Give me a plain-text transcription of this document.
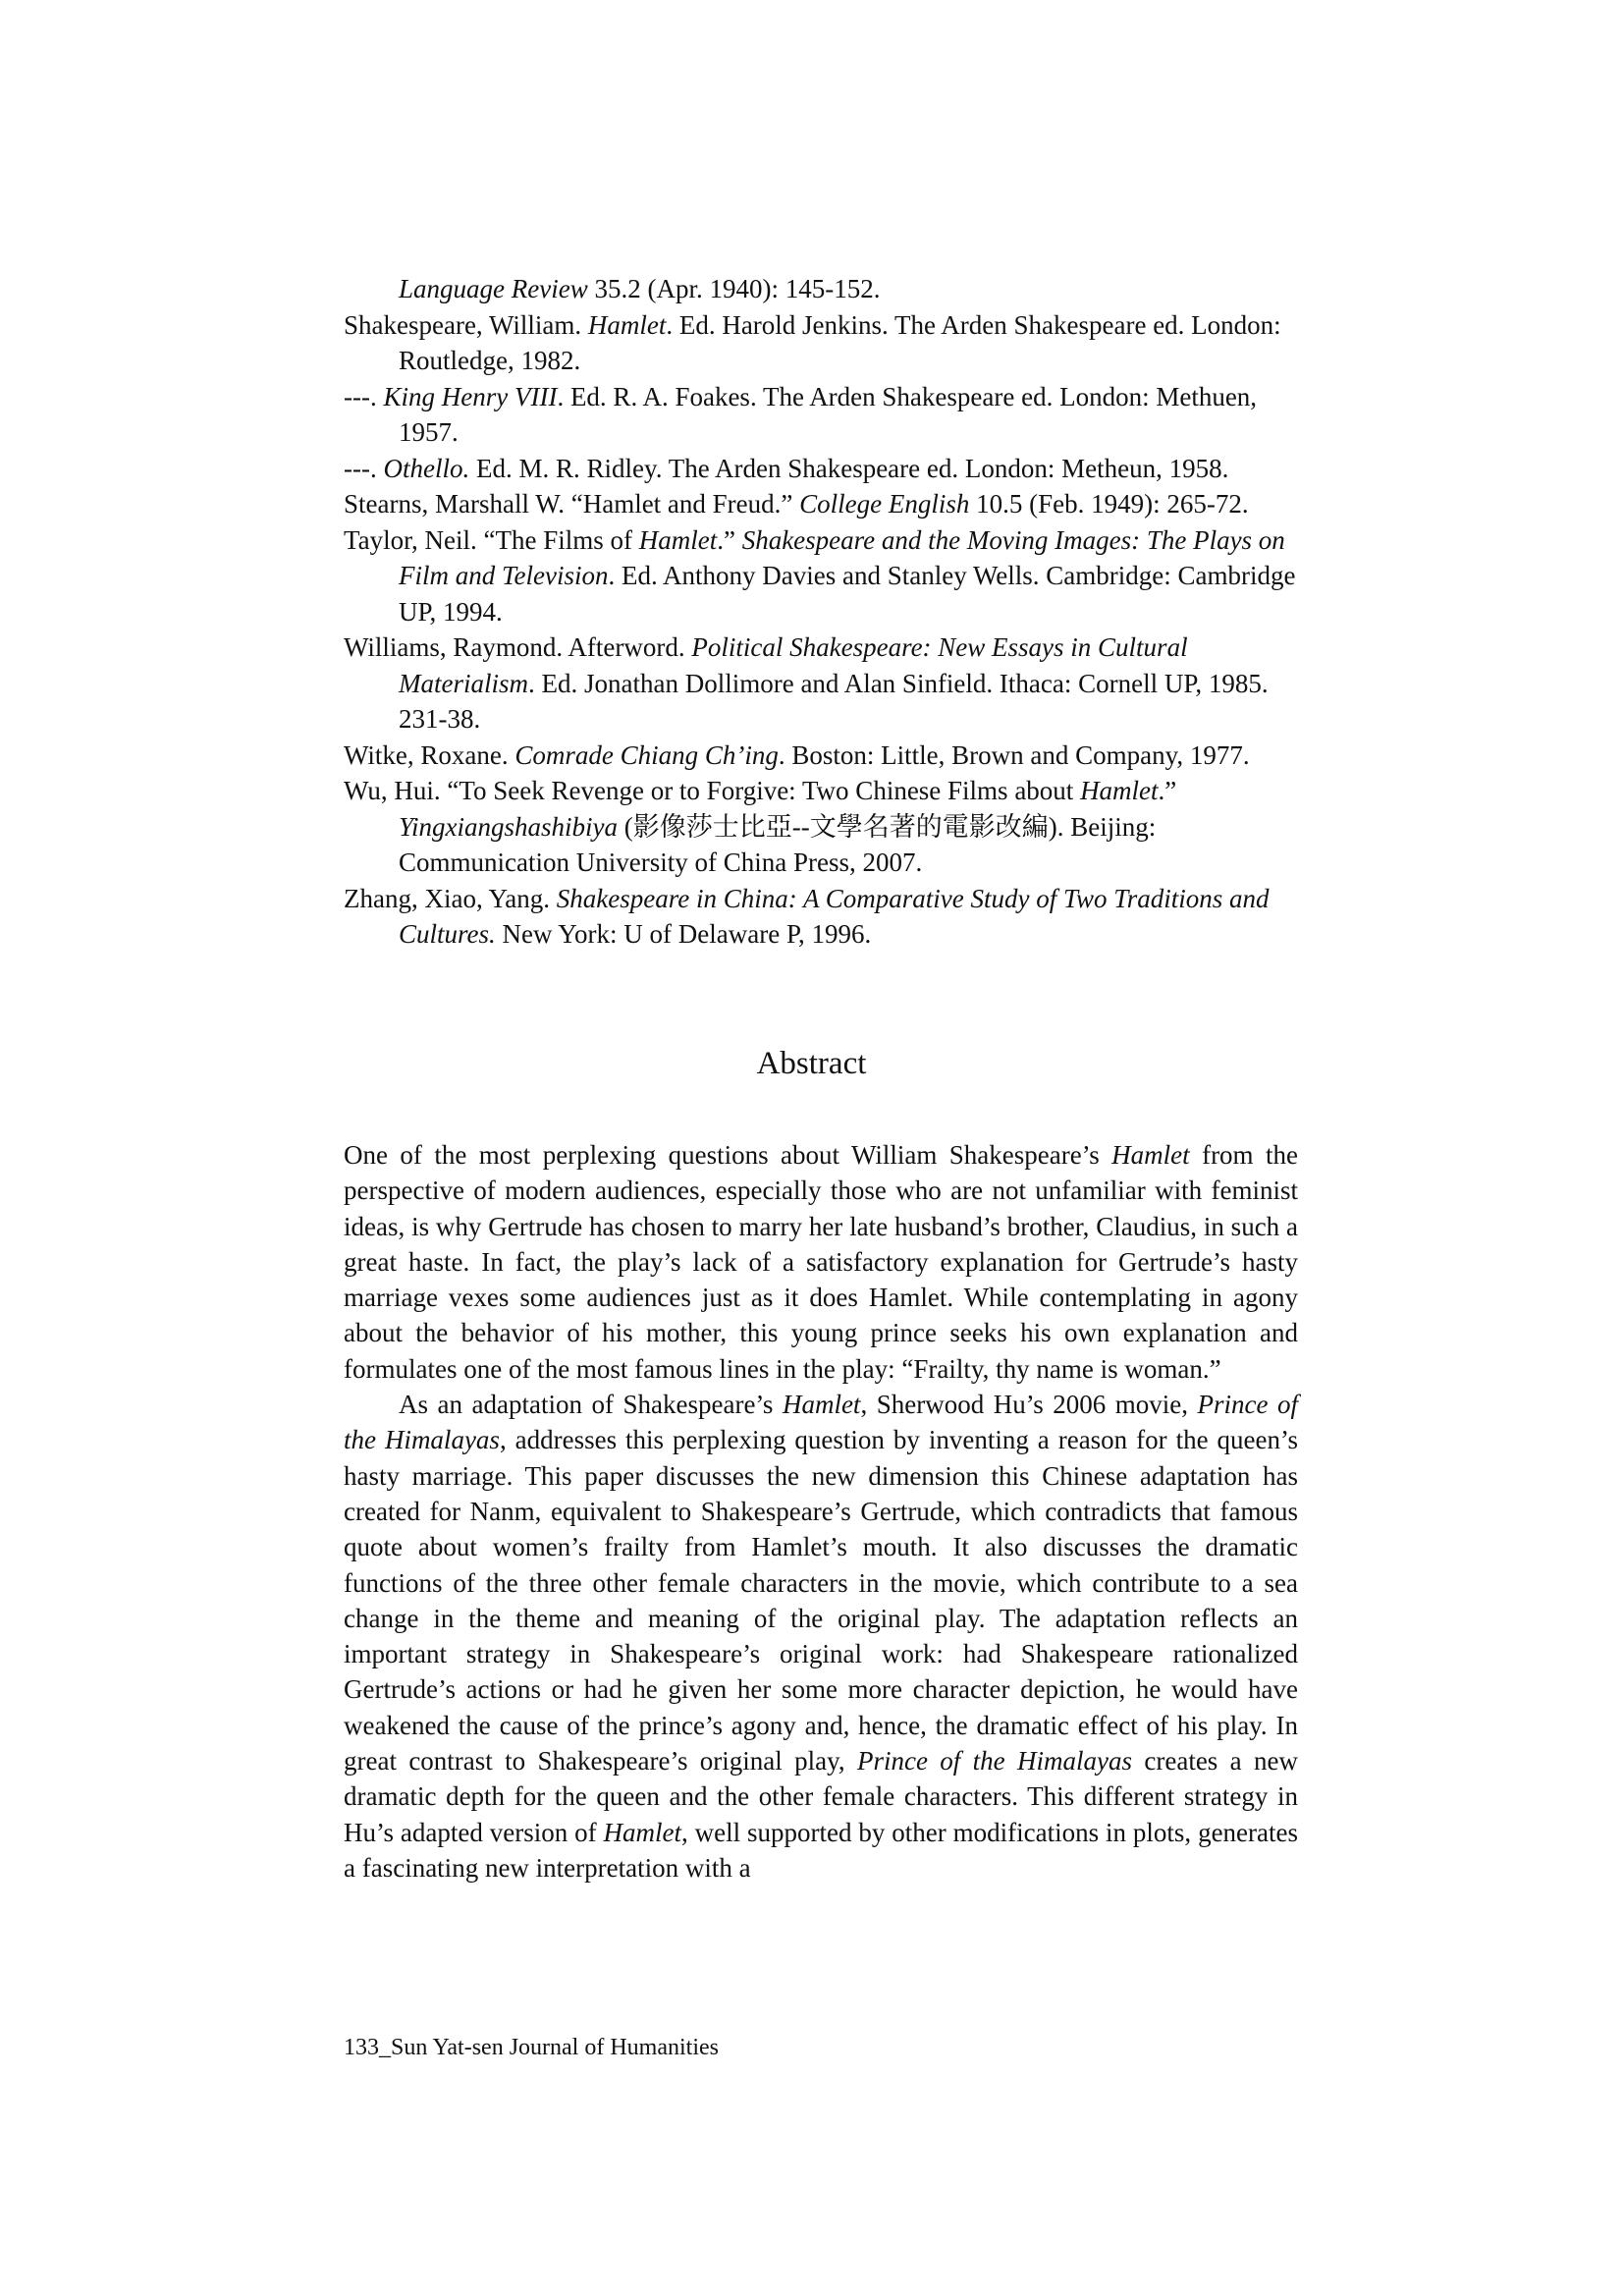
Language Review 35.2 (Apr. 1940): 145-152.
Shakespeare, William. Hamlet. Ed. Harold Jenkins. The Arden Shakespeare ed. London: Routledge, 1982.
---. King Henry VIII. Ed. R. A. Foakes. The Arden Shakespeare ed. London: Methuen, 1957.
---. Othello. Ed. M. R. Ridley. The Arden Shakespeare ed. London: Metheun, 1958.
Stearns, Marshall W. “Hamlet and Freud.” College English 10.5 (Feb. 1949): 265-72.
Taylor, Neil. “The Films of Hamlet.” Shakespeare and the Moving Images: The Plays on Film and Television. Ed. Anthony Davies and Stanley Wells. Cambridge: Cambridge UP, 1994.
Williams, Raymond. Afterword. Political Shakespeare: New Essays in Cultural Materialism. Ed. Jonathan Dollimore and Alan Sinfield. Ithaca: Cornell UP, 1985. 231-38.
Witke, Roxane. Comrade Chiang Ch’ing. Boston: Little, Brown and Company, 1977.
Wu, Hui. “To Seek Revenge or to Forgive: Two Chinese Films about Hamlet.” Yingxiangshashibiya (影像莎士比亞--文學名著的電影改編). Beijing: Communication University of China Press, 2007.
Zhang, Xiao, Yang. Shakespeare in China: A Comparative Study of Two Traditions and Cultures. New York: U of Delaware P, 1996.
Abstract

One of the most perplexing questions about William Shakespeare’s Hamlet from the perspective of modern audiences, especially those who are not unfamiliar with feminist ideas, is why Gertrude has chosen to marry her late husband’s brother, Claudius, in such a great haste. In fact, the play’s lack of a satisfactory explanation for Gertrude’s hasty marriage vexes some audiences just as it does Hamlet. While contemplating in agony about the behavior of his mother, this young prince seeks his own explanation and formulates one of the most famous lines in the play: “Frailty, thy name is woman.”

As an adaptation of Shakespeare’s Hamlet, Sherwood Hu’s 2006 movie, Prince of the Himalayas, addresses this perplexing question by inventing a reason for the queen’s hasty marriage. This paper discusses the new dimension this Chinese adaptation has created for Nanm, equivalent to Shakespeare’s Gertrude, which contradicts that famous quote about women’s frailty from Hamlet’s mouth. It also discusses the dramatic functions of the three other female characters in the movie, which contribute to a sea change in the theme and meaning of the original play. The adaptation reflects an important strategy in Shakespeare’s original work: had Shakespeare rationalized Gertrude’s actions or had he given her some more character depiction, he would have weakened the cause of the prince’s agony and, hence, the dramatic effect of his play. In great contrast to Shakespeare’s original play, Prince of the Himalayas creates a new dramatic depth for the queen and the other female characters. This different strategy in Hu’s adapted version of Hamlet, well supported by other modifications in plots, generates a fascinating new interpretation with a

133_Sun Yat-sen Journal of Humanities
